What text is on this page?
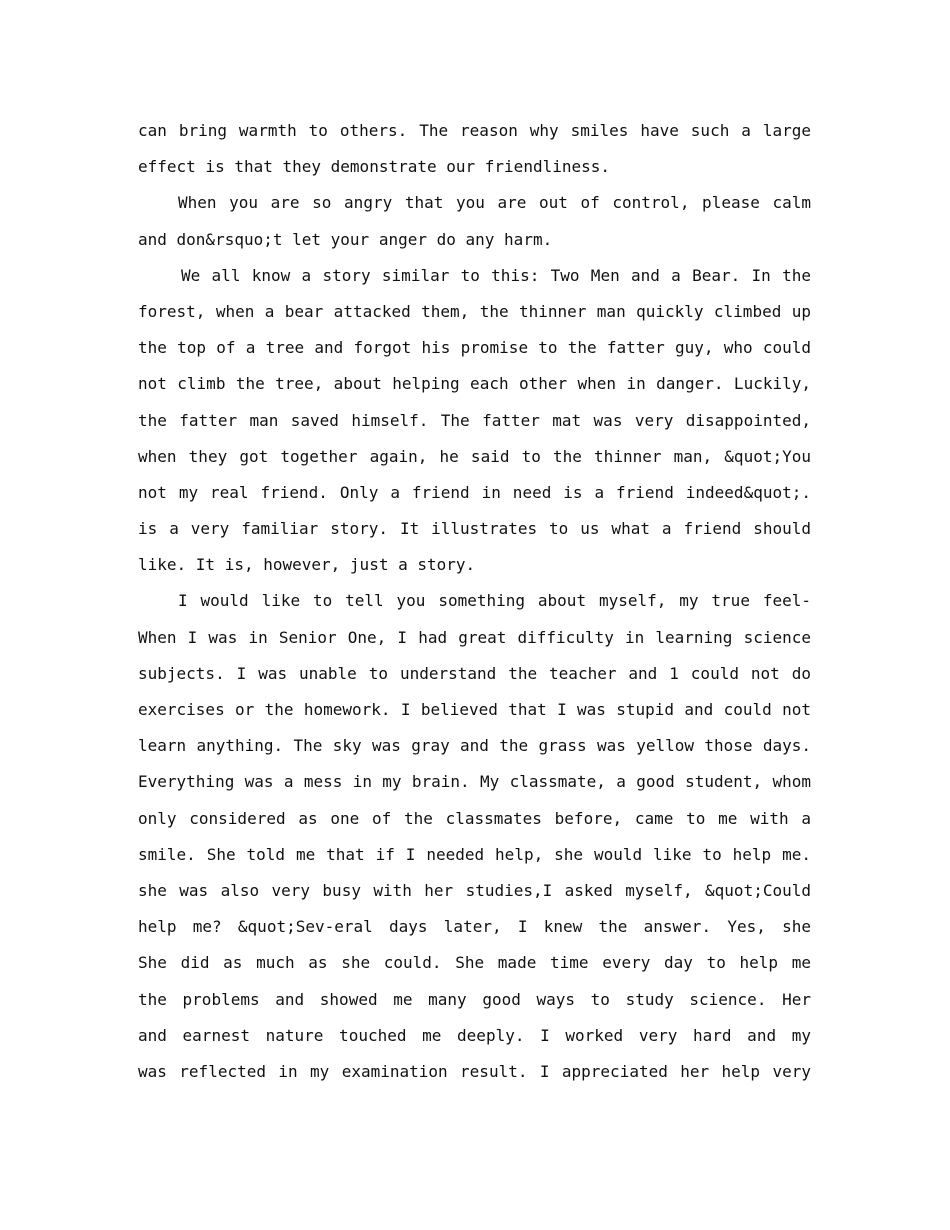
can bring warmth to others. The reason why smiles have such a large
effect is that they demonstrate our friendliness.
When you are so angry that you are out of control, please calm
and don&rsquo;t let your anger do any harm.
We all know a story similar to this: Two Men and a Bear. In the
forest, when a bear attacked them, the thinner man quickly climbed up
the top of a tree and forgot his promise to the fatter guy, who could
not climb the tree, about helping each other when in danger. Luckily,
the fatter man saved himself. The fatter mat was very disappointed,
when they got together again, he said to the thinner man, &quot;You
not my real friend. Only a friend in need is a friend indeed&quot;.
is a very familiar story. It illustrates to us what a friend should
like. It is, however, just a story.
I would like to tell you something about myself, my true feel-
When I was in Senior One, I had great difficulty in learning science
subjects. I was unable to understand the teacher and 1 could not do
exercises or the homework. I believed that I was stupid and could not
learn anything. The sky was gray and the grass was yellow those days.
Everything was a mess in my brain. My classmate, a good student, whom
only considered as one of the classmates before, came to me with a
smile. She told me that if I needed help, she would like to help me.
she was also very busy with her studies,I asked myself, &quot;Could
help me? &quot;Sev-eral days later, I knew the answer. Yes, she
She did as much as she could. She made time every day to help me
the problems and showed me many good ways to study science. Her
and earnest nature touched me deeply. I worked very hard and my
was reflected in my examination result. I appreciated her help very
